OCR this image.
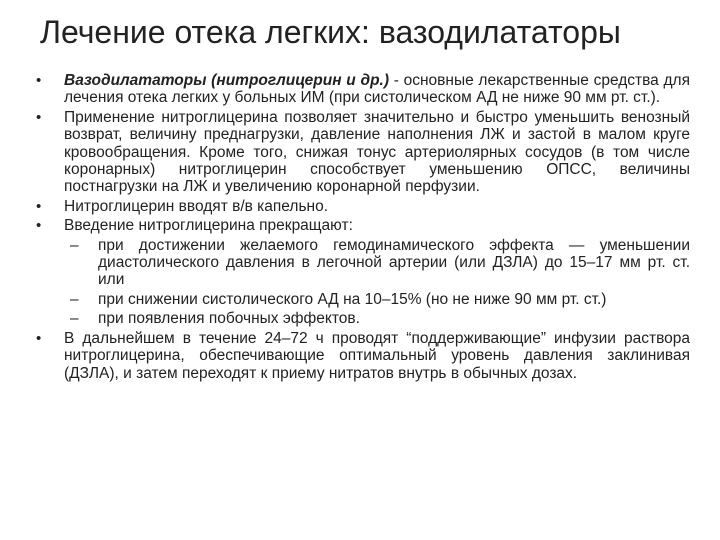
Лечение отека легких: вазодилататоры
•	Вазодилататоры (нитроглицерин и др.) - основные лекарственные средства для лечения отека легких у больных ИМ (при систолическом АД не ниже 90 мм рт. ст.).
•	Применение нитроглицерина позволяет значительно и быстро уменьшить венозный возврат, величину преднагрузки, давление наполнения ЛЖ и застой в малом круге кровообращения. Кроме того, снижая тонус артериолярных сосудов (в том числе коронарных) нитроглицерин способствует уменьшению ОПСС, величины постнагрузки на ЛЖ и увеличению коронарной перфузии.
•	Нитроглицерин вводят в/в капельно.
•	Введение нитроглицерина прекращают:
– при достижении желаемого гемодинамического эффекта — уменьшении диастолического давления в легочной артерии (или ДЗЛА) до 15–17 мм рт. ст. или
– при снижении систолического АД на 10–15% (но не ниже 90 мм рт. ст.)
– при появления побочных эффектов.
•	В дальнейшем в течение 24–72 ч проводят “поддерживающие” инфузии раствора нитроглицерина, обеспечивающие оптимальный уровень давления заклинивая (ДЗЛА), и затем переходят к приему нитратов внутрь в обычных дозах.
